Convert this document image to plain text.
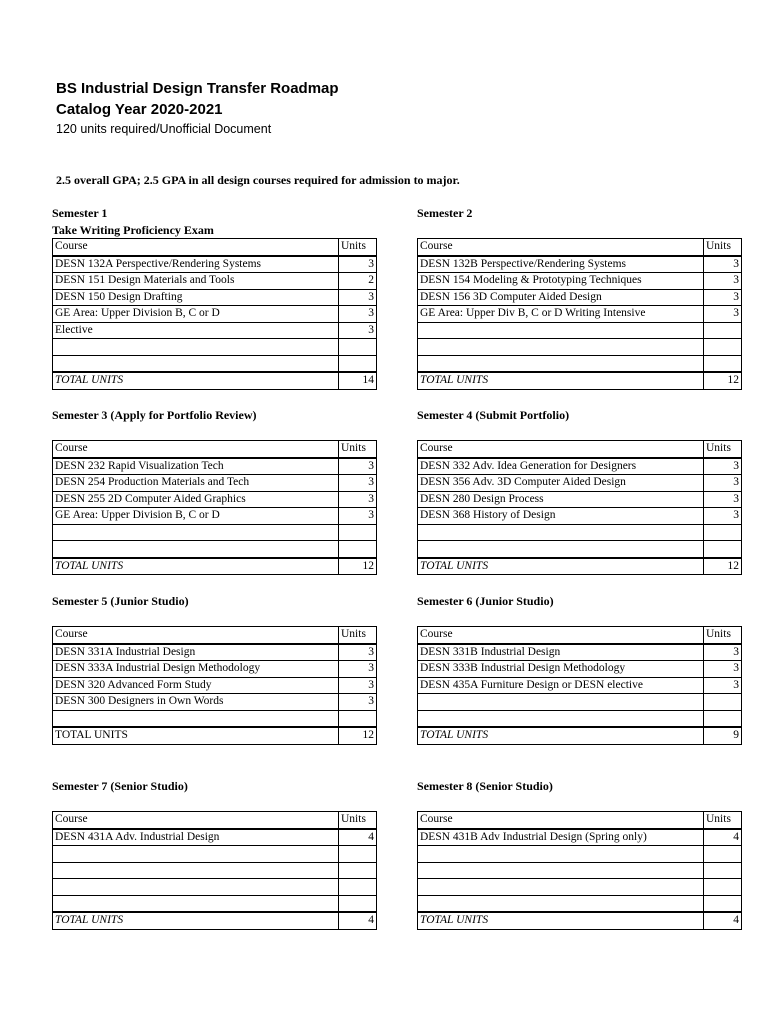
BS Industrial Design Transfer Roadmap
Catalog Year 2020-2021
120 units required/Unofficial Document
2.5 overall GPA; 2.5 GPA in all design courses required for admission to major.
Semester 1
Take Writing Proficiency Exam
Course	Units
DESN 132A Perspective/Rendering Systems	3
DESN 151 Design Materials and Tools	2
DESN 150 Design Drafting	3
GE Area: Upper Division B, C or D	3
Elective	3

TOTAL UNITS	14
Semester 2
Course	Units
DESN 132B Perspective/Rendering Systems	3
DESN 154 Modeling & Prototyping Techniques	3
DESN 156 3D Computer Aided Design	3
GE Area: Upper Div B, C or D Writing Intensive	3

TOTAL UNITS	12
Semester 3 (Apply for Portfolio Review)
Course	Units
DESN 232 Rapid Visualization Tech	3
DESN 254 Production Materials and Tech	3
DESN 255 2D Computer Aided Graphics	3
GE Area: Upper Division B, C or D	3

TOTAL UNITS	12
Semester 4 (Submit Portfolio)
Course	Units
DESN 332 Adv. Idea Generation for Designers	3
DESN 356 Adv. 3D Computer Aided Design	3
DESN 280 Design Process	3
DESN 368 History of Design	3

TOTAL UNITS	12
Semester 5 (Junior Studio)
Course	Units
DESN 331A Industrial Design	3
DESN 333A Industrial Design Methodology	3
DESN 320 Advanced Form Study	3
DESN 300 Designers in Own Words	3

TOTAL UNITS	12
Semester 6 (Junior Studio)
Course	Units
DESN 331B Industrial Design	3
DESN 333B Industrial Design Methodology	3
DESN 435A Furniture Design or DESN elective	3

TOTAL UNITS	9
Semester 7 (Senior Studio)
Course	Units
DESN 431A Adv. Industrial Design	4

TOTAL UNITS	4
Semester 8 (Senior Studio)
Course	Units
DESN 431B Adv Industrial Design (Spring only)	4

TOTAL UNITS	4
